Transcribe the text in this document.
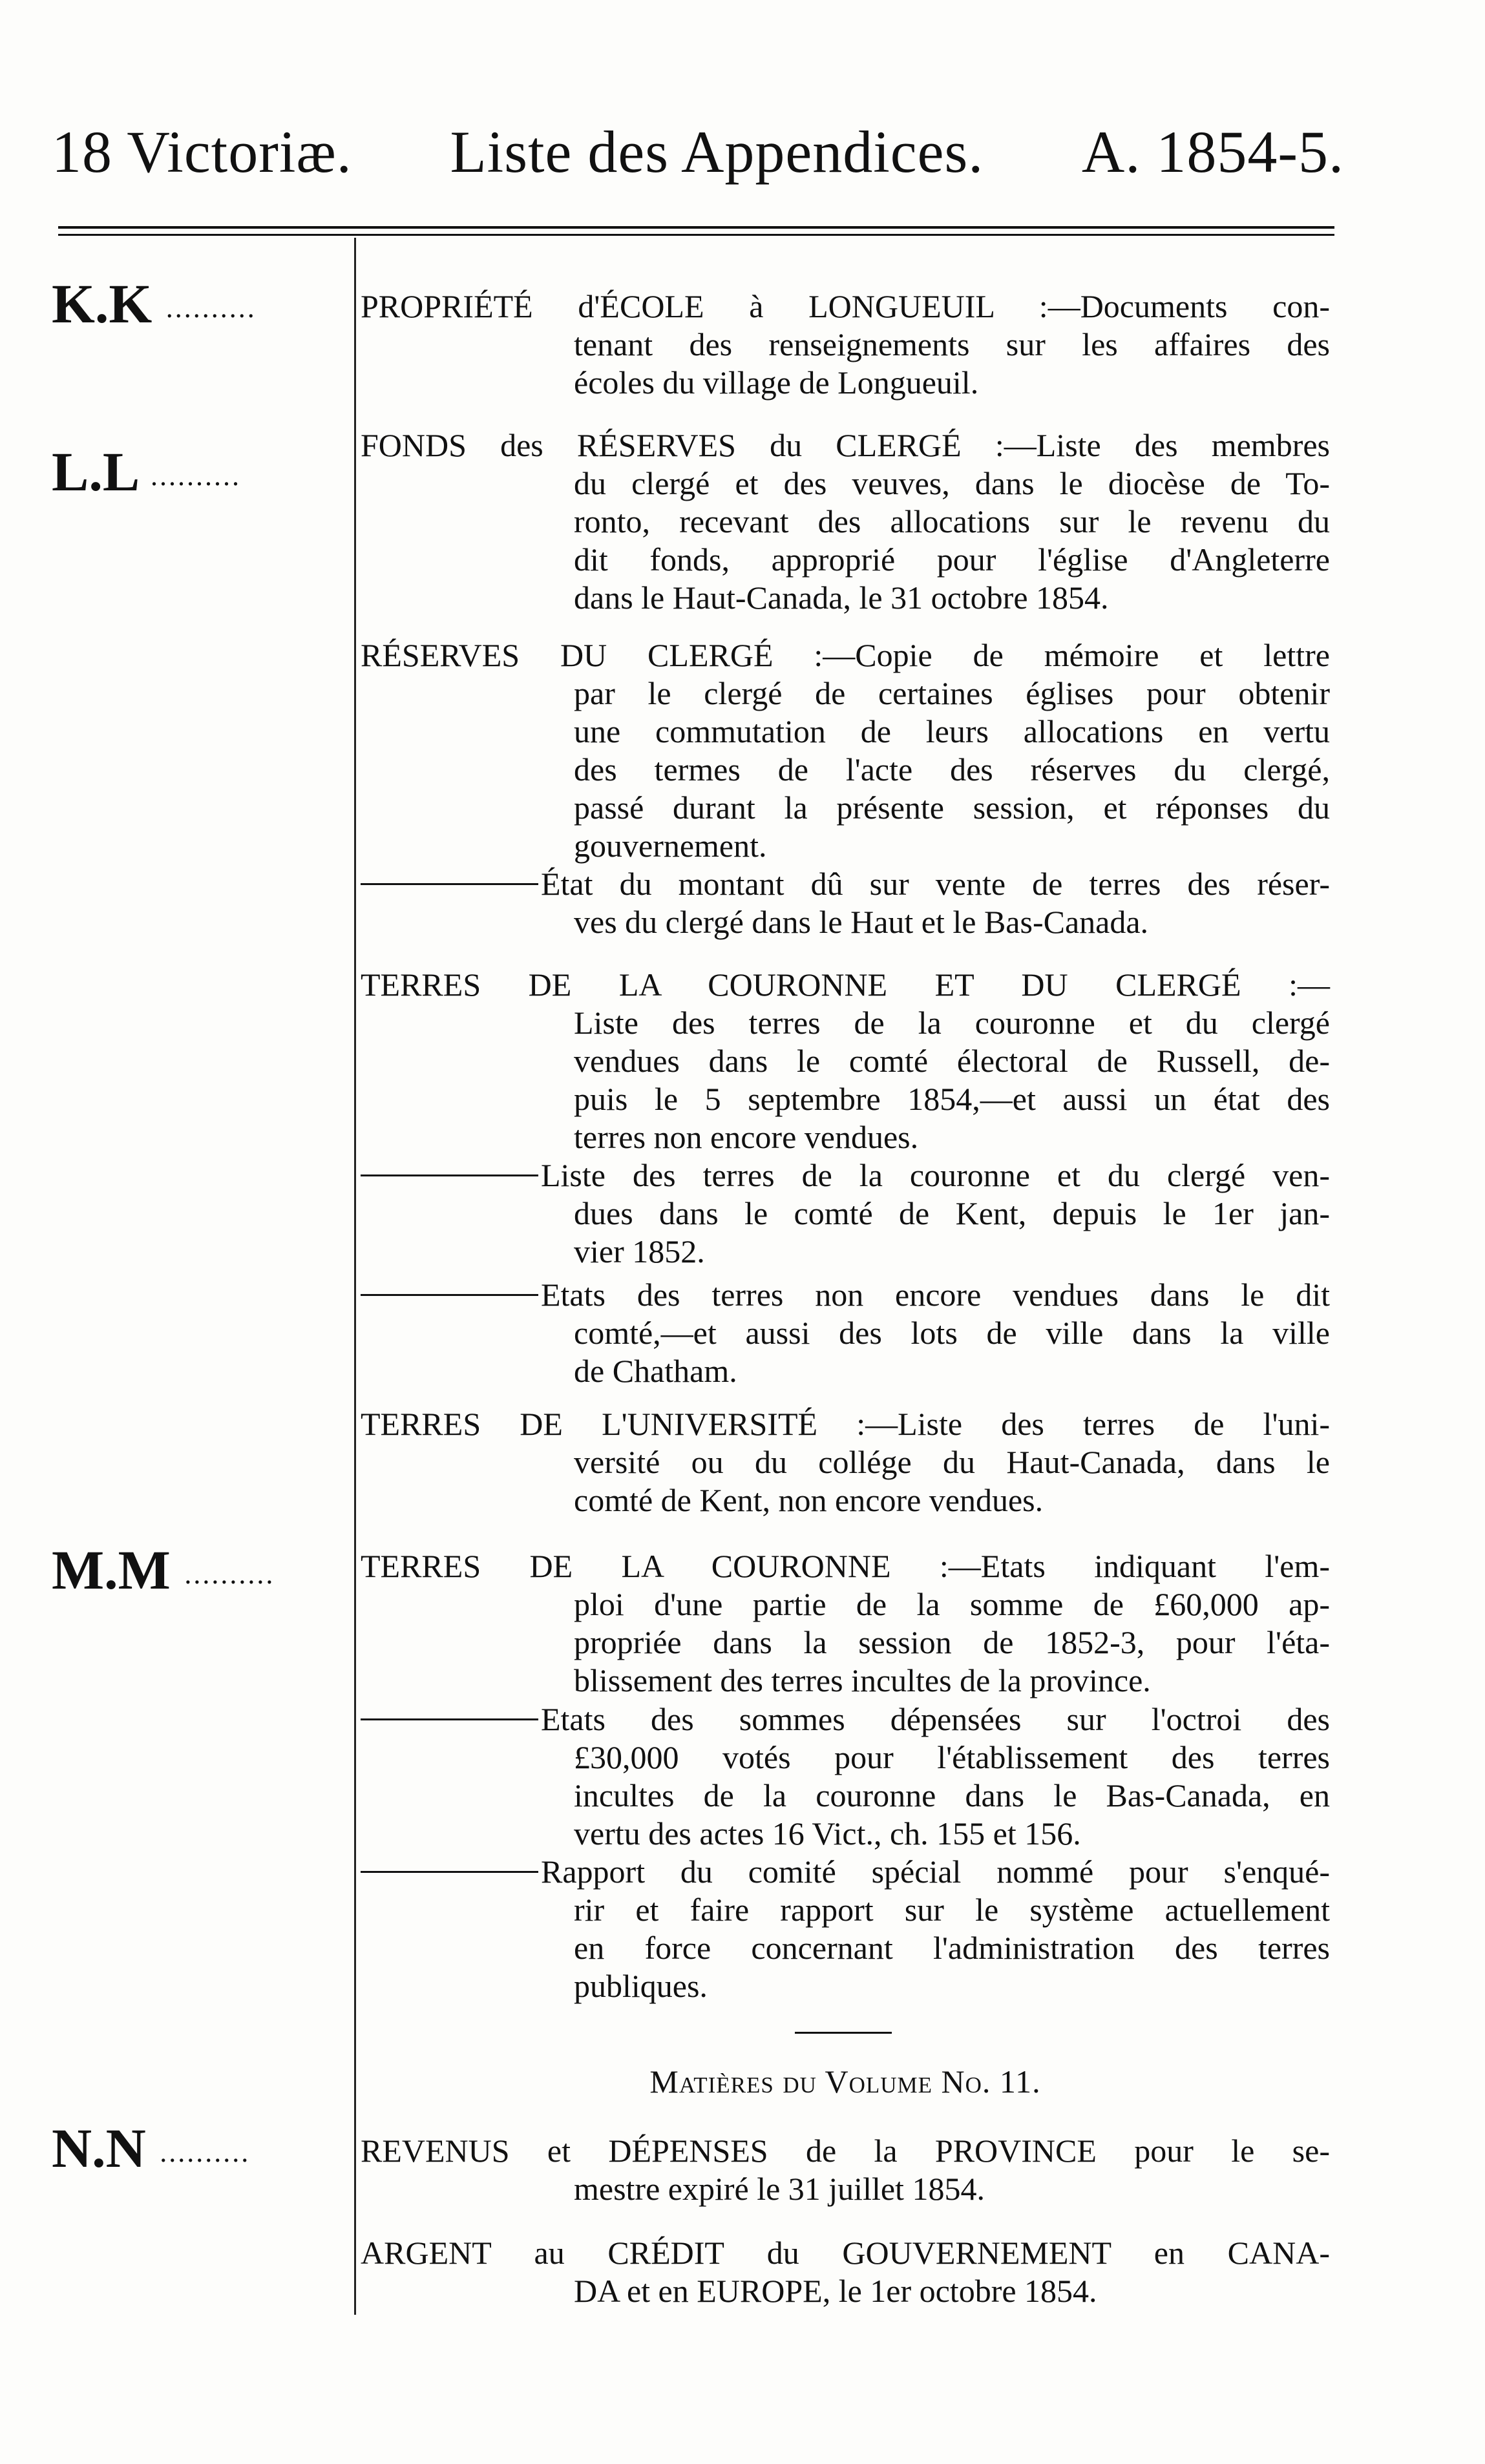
18 Victoriæ. Liste des Appendices. A. 1854-5.
K.K ..........
L.L ..........
M.M ..........
N.N ..........
PROPRIÉTÉ d'ÉCOLE à LONGUEUIL :—Documents con-
tenant des renseignements sur les affaires des
écoles du village de Longueuil.
FONDS des RÉSERVES du CLERGÉ :—Liste des membres
du clergé et des veuves, dans le diocèse de To-
ronto, recevant des allocations sur le revenu du
dit fonds, approprié pour l'église d'Angleterre
dans le Haut-Canada, le 31 octobre 1854.
RÉSERVES DU CLERGÉ :—Copie de mémoire et lettre
par le clergé de certaines églises pour obtenir
une commutation de leurs allocations en vertu
des termes de l'acte des réserves du clergé,
passé durant la présente session, et réponses du
gouvernement.
État du montant dû sur vente de terres des réser-
ves du clergé dans le Haut et le Bas-Canada.
TERRES DE LA COURONNE ET DU CLERGÉ :—
Liste des terres de la couronne et du clergé
vendues dans le comté électoral de Russell, de-
puis le 5 septembre 1854,—et aussi un état des
terres non encore vendues.
Liste des terres de la couronne et du clergé ven-
dues dans le comté de Kent, depuis le 1er jan-
vier 1852.
Etats des terres non encore vendues dans le dit
comté,—et aussi des lots de ville dans la ville
de Chatham.
TERRES DE L'UNIVERSITÉ :—Liste des terres de l'uni-
versité ou du collége du Haut-Canada, dans le
comté de Kent, non encore vendues.
TERRES DE LA COURONNE :—Etats indiquant l'em-
ploi d'une partie de la somme de £60,000 ap-
propriée dans la session de 1852-3, pour l'éta-
blissement des terres incultes de la province.
Etats des sommes dépensées sur l'octroi des
£30,000 votés pour l'établissement des terres
incultes de la couronne dans le Bas-Canada, en
vertu des actes 16 Vict., ch. 155 et 156.
Rapport du comité spécial nommé pour s'enqué-
rir et faire rapport sur le système actuellement
en force concernant l'administration des terres
publiques.
Matières du Volume No. 11.
REVENUS et DÉPENSES de la PROVINCE pour le se-
mestre expiré le 31 juillet 1854.
ARGENT au CRÉDIT du GOUVERNEMENT en CANA-
DA et en EUROPE, le 1er octobre 1854.
